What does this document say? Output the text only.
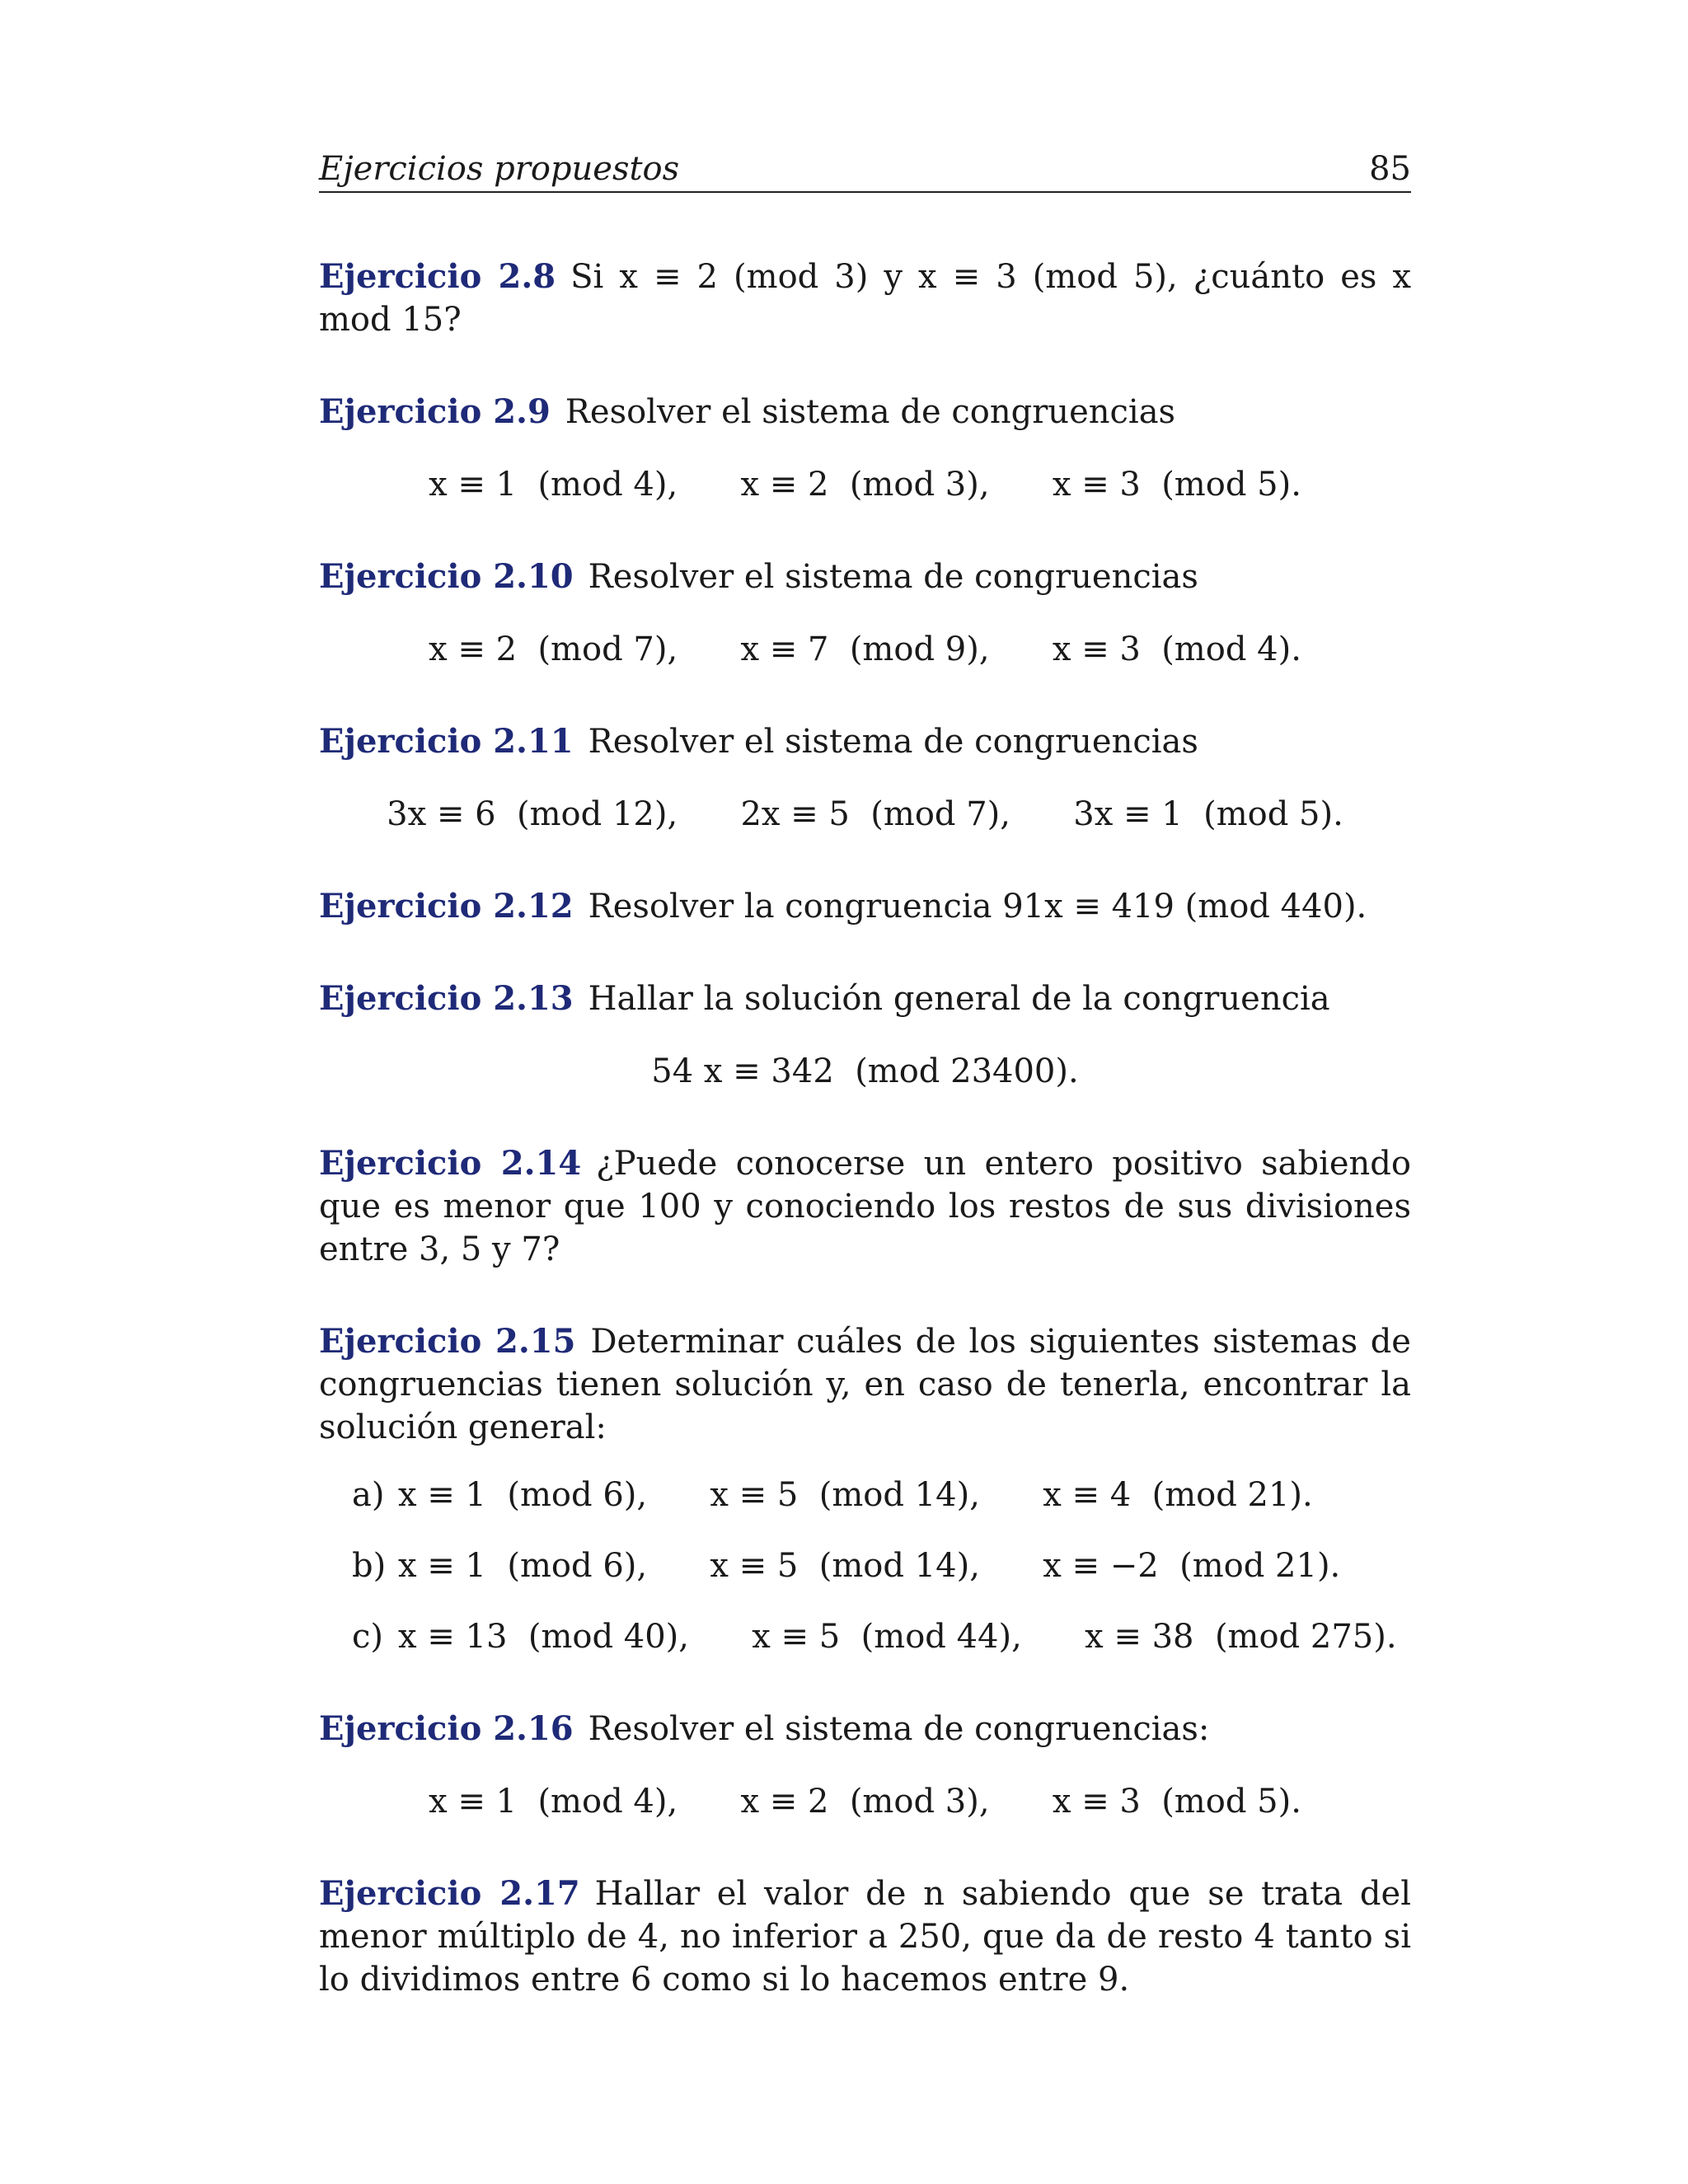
Ejercicios propuestos	85
Ejercicio 2.8 Si x ≡ 2 (mod 3) y x ≡ 3 (mod 5), ¿cuánto es x mod 15?
Ejercicio 2.9 Resolver el sistema de congruencias
x ≡ 1  (mod 4),      x ≡ 2  (mod 3),      x ≡ 3  (mod 5).
Ejercicio 2.10 Resolver el sistema de congruencias
x ≡ 2  (mod 7),      x ≡ 7  (mod 9),      x ≡ 3  (mod 4).
Ejercicio 2.11 Resolver el sistema de congruencias
3x ≡ 6  (mod 12),      2x ≡ 5  (mod 7),      3x ≡ 1  (mod 5).
Ejercicio 2.12 Resolver la congruencia 91x ≡ 419 (mod 440).
Ejercicio 2.13 Hallar la solución general de la congruencia
54 x ≡ 342  (mod 23400).
Ejercicio 2.14 ¿Puede conocerse un entero positivo sabiendo que es menor que 100 y conociendo los restos de sus divisiones entre 3, 5 y 7?
Ejercicio 2.15 Determinar cuáles de los siguientes sistemas de congruencias tienen solución y, en caso de tenerla, encontrar la solución general:
a) x ≡ 1  (mod 6),      x ≡ 5  (mod 14),      x ≡ 4  (mod 21).
b) x ≡ 1  (mod 6),      x ≡ 5  (mod 14),      x ≡ −2  (mod 21).
c) x ≡ 13  (mod 40),      x ≡ 5  (mod 44),      x ≡ 38  (mod 275).
Ejercicio 2.16 Resolver el sistema de congruencias:
x ≡ 1  (mod 4),      x ≡ 2  (mod 3),      x ≡ 3  (mod 5).
Ejercicio 2.17 Hallar el valor de n sabiendo que se trata del menor múltiplo de 4, no inferior a 250, que da de resto 4 tanto si lo dividimos entre 6 como si lo hacemos entre 9.
